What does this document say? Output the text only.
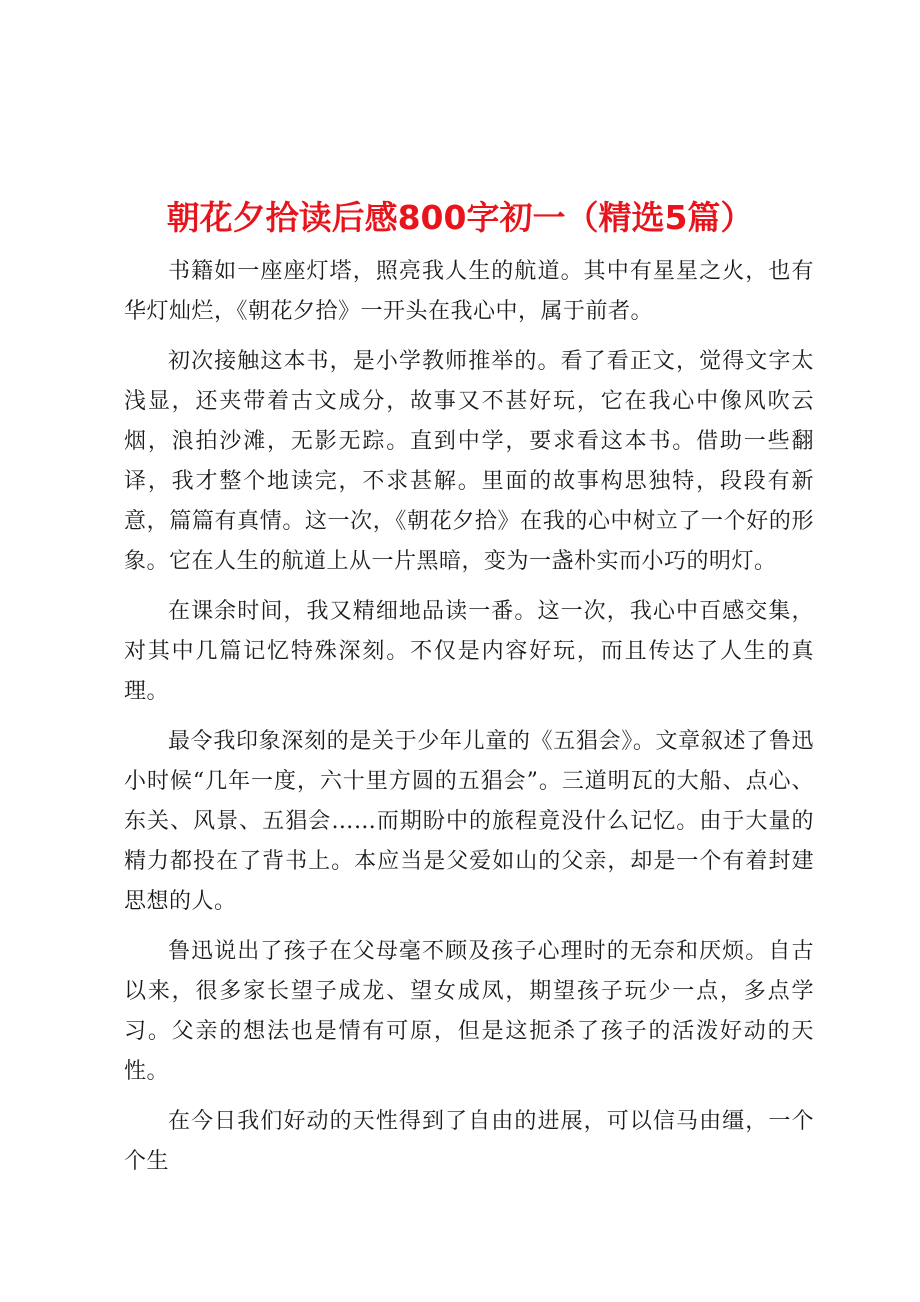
朝花夕拾读后感800字初一（精选5篇）

书籍如一座座灯塔，照亮我人生的航道。其中有星星之火，也有华灯灿烂，《朝花夕拾》一开头在我心中，属于前者。

初次接触这本书，是小学教师推举的。看了看正文，觉得文字太浅显，还夹带着古文成分，故事又不甚好玩，它在我心中像风吹云烟，浪拍沙滩，无影无踪。直到中学，要求看这本书。借助一些翻译，我才整个地读完，不求甚解。里面的故事构思独特，段段有新意，篇篇有真情。这一次，《朝花夕拾》在我的心中树立了一个好的形象。它在人生的航道上从一片黑暗，变为一盏朴实而小巧的明灯。

在课余时间，我又精细地品读一番。这一次，我心中百感交集，对其中几篇记忆特殊深刻。不仅是内容好玩，而且传达了人生的真理。

最令我印象深刻的是关于少年儿童的《五猖会》。文章叙述了鲁迅小时候“几年一度，六十里方圆的五猖会”。三道明瓦的大船、点心、东关、风景、五猖会……而期盼中的旅程竟没什么记忆。由于大量的精力都投在了背书上。本应当是父爱如山的父亲，却是一个有着封建思想的人。

鲁迅说出了孩子在父母毫不顾及孩子心理时的无奈和厌烦。自古以来，很多家长望子成龙、望女成凤，期望孩子玩少一点，多点学习。父亲的想法也是情有可原，但是这扼杀了孩子的活泼好动的天性。

在今日我们好动的天性得到了自由的进展，可以信马由缰，一个个生
